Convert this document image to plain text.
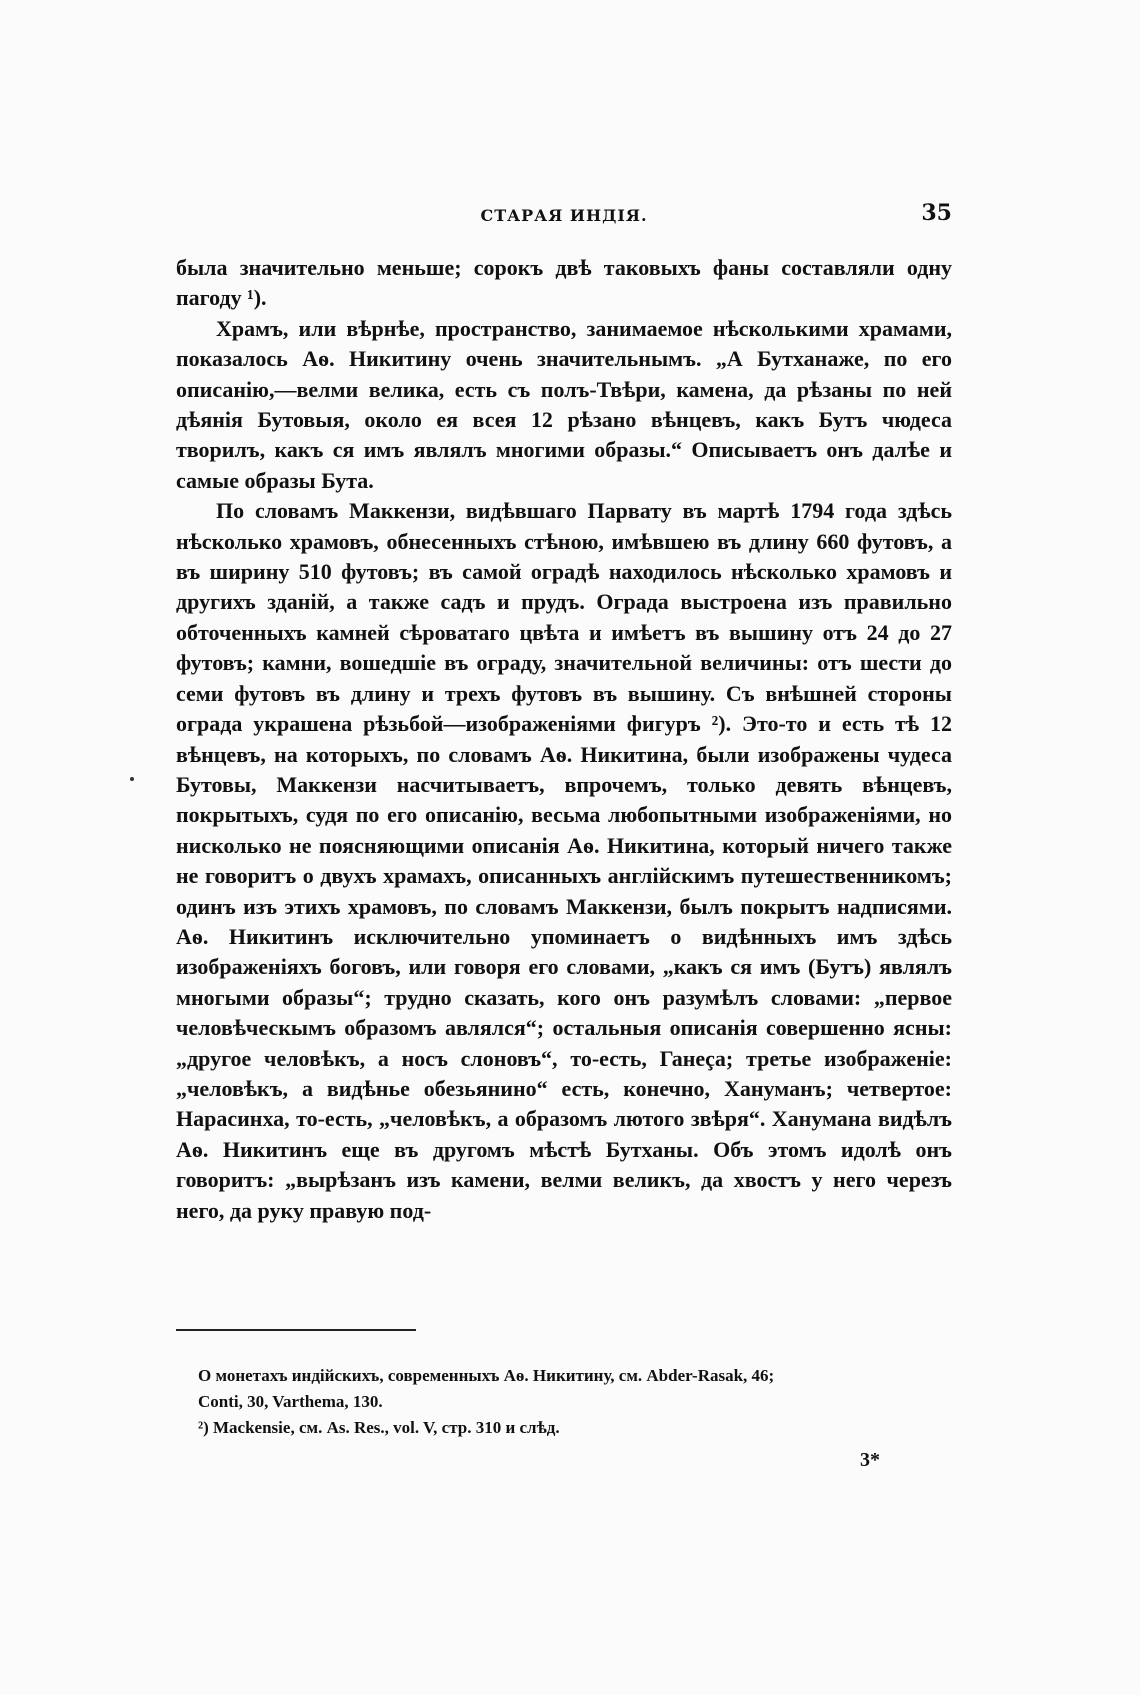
СТАРАЯ ИНДІЯ.	35

была значительно меньше; сорокъ двѣ таковыхъ фаны составляли одну пагоду ¹).

Храмъ, или вѣрнѣе, пространство, занимаемое нѣсколькими храмами, показалось Аѳ. Никитину очень значительнымъ. „А Бутханаже, по его описанію,—велми велика, есть съ полъ-Твѣри, камена, да рѣзаны по ней дѣянія Бутовыя, около ея всея 12 рѣзано вѣнцевъ, какъ Бутъ чюдеса творилъ, какъ ся имъ являлъ многими образы.“ Описываетъ онъ далѣе и самые образы Бута.

По словамъ Маккензи, видѣвшаго Парвату въ мартѣ 1794 года здѣсь нѣсколько храмовъ, обнесенныхъ стѣною, имѣвшею въ длину 660 футовъ, а въ ширину 510 футовъ; въ самой оградѣ находилось нѣсколько храмовъ и другихъ зданій, а также садъ и прудъ. Ограда выстроена изъ правильно обточенныхъ камней сѣроватаго цвѣта и имѣетъ въ вышину отъ 24 до 27 футовъ; камни, вошедшіе въ ограду, значительной величины: отъ шести до семи футовъ въ длину и трехъ футовъ въ вышину. Съ внѣшней стороны ограда украшена рѣзьбой—изображеніями фигуръ ²). Это-то и есть тѣ 12 вѣнцевъ, на которыхъ, по словамъ Аѳ. Никитина, были изображены чудеса Бутовы, Маккензи насчитываетъ, впрочемъ, только девять вѣнцевъ, покрытыхъ, судя по его описанію, весьма любопытными изображеніями, но нисколько не поясняющими описанія Аѳ. Никитина, который ничего также не говоритъ о двухъ храмахъ, описанныхъ англійскимъ путешественникомъ; одинъ изъ этихъ храмовъ, по словамъ Маккензи, былъ покрытъ надписями. Аѳ. Никитинъ исключительно упоминаетъ о видѣнныхъ имъ здѣсь изображеніяхъ боговъ, или говоря его словами, „какъ ся имъ (Бутъ) являлъ многыми образы“; трудно сказать, кого онъ разумѣлъ словами: „первое человѣческымъ образомъ авлялся“; остальныя описанія совершенно ясны: „другое человѣкъ, а носъ слоновъ“, то-есть, Ганеça; третье изображеніе: „человѣкъ, а видѣнье обезьянино“ есть, конечно, Хануманъ; четвертое: Нарасинха, то-есть, „человѣкъ, а образомъ лютого звѣря“. Ханумана видѣлъ Аѳ. Никитинъ еще въ другомъ мѣстѣ Бутханы. Объ этомъ идолѣ онъ говоритъ: „вырѣзанъ изъ камени, велми великъ, да хвостъ у него черезъ него, да руку правую под-

О монетахъ индійскихъ, современныхъ Аѳ. Никитину, см. Abder-Rasak, 46;

Conti, 30, Varthema, 130.

²) Mackensie, см. As. Res., vol. V, стр. 310 и слѣд.

3*
